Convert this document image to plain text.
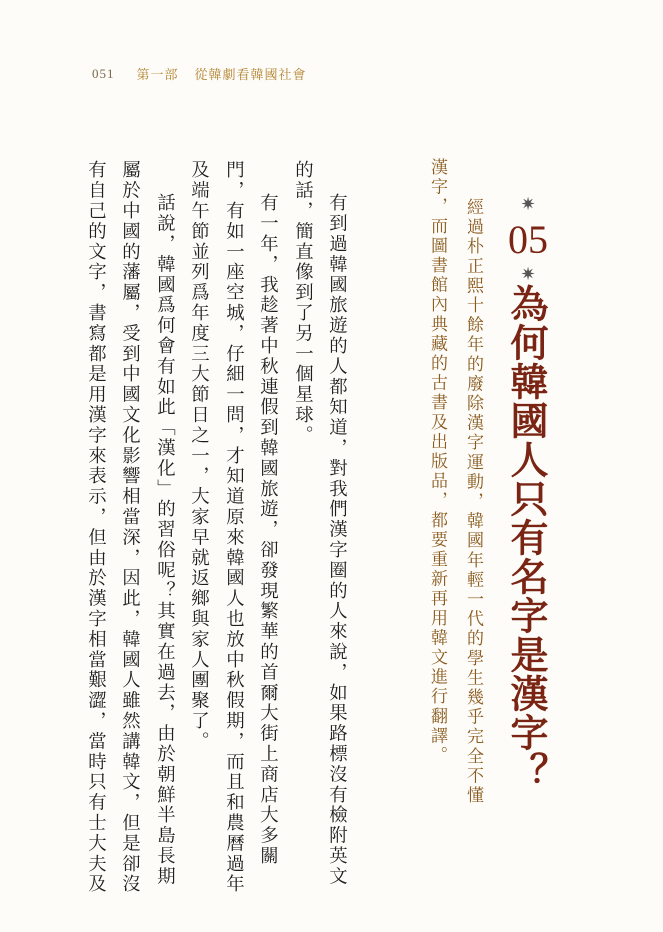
051 第一部 從韓劇看韓國社會
✷
05
✷
為何韓國人只有名字是漢字？
經過朴正熙十餘年的廢除漢字運動，韓國年輕一代的學生幾乎完全不懂
漢字，而圖書館內典藏的古書及出版品，都要重新再用韓文進行翻譯。
有到過韓國旅遊的人都知道，對我們漢字圈的人來說，如果路標沒有檢附英文
的話，簡直像到了另一個星球。
有一年，我趁著中秋連假到韓國旅遊，卻發現繁華的首爾大街上商店大多關
門，有如一座空城，仔細一問，才知道原來韓國人也放中秋假期，而且和農曆過年
及端午節並列爲年度三大節日之一，大家早就返鄉與家人團聚了。
話說，韓國爲何會有如此「漢化」的習俗呢？其實在過去，由於朝鮮半島長期
屬於中國的藩屬，受到中國文化影響相當深，因此，韓國人雖然講韓文，但是卻沒
有自己的文字，書寫都是用漢字來表示，但由於漢字相當艱澀，當時只有士大夫及
